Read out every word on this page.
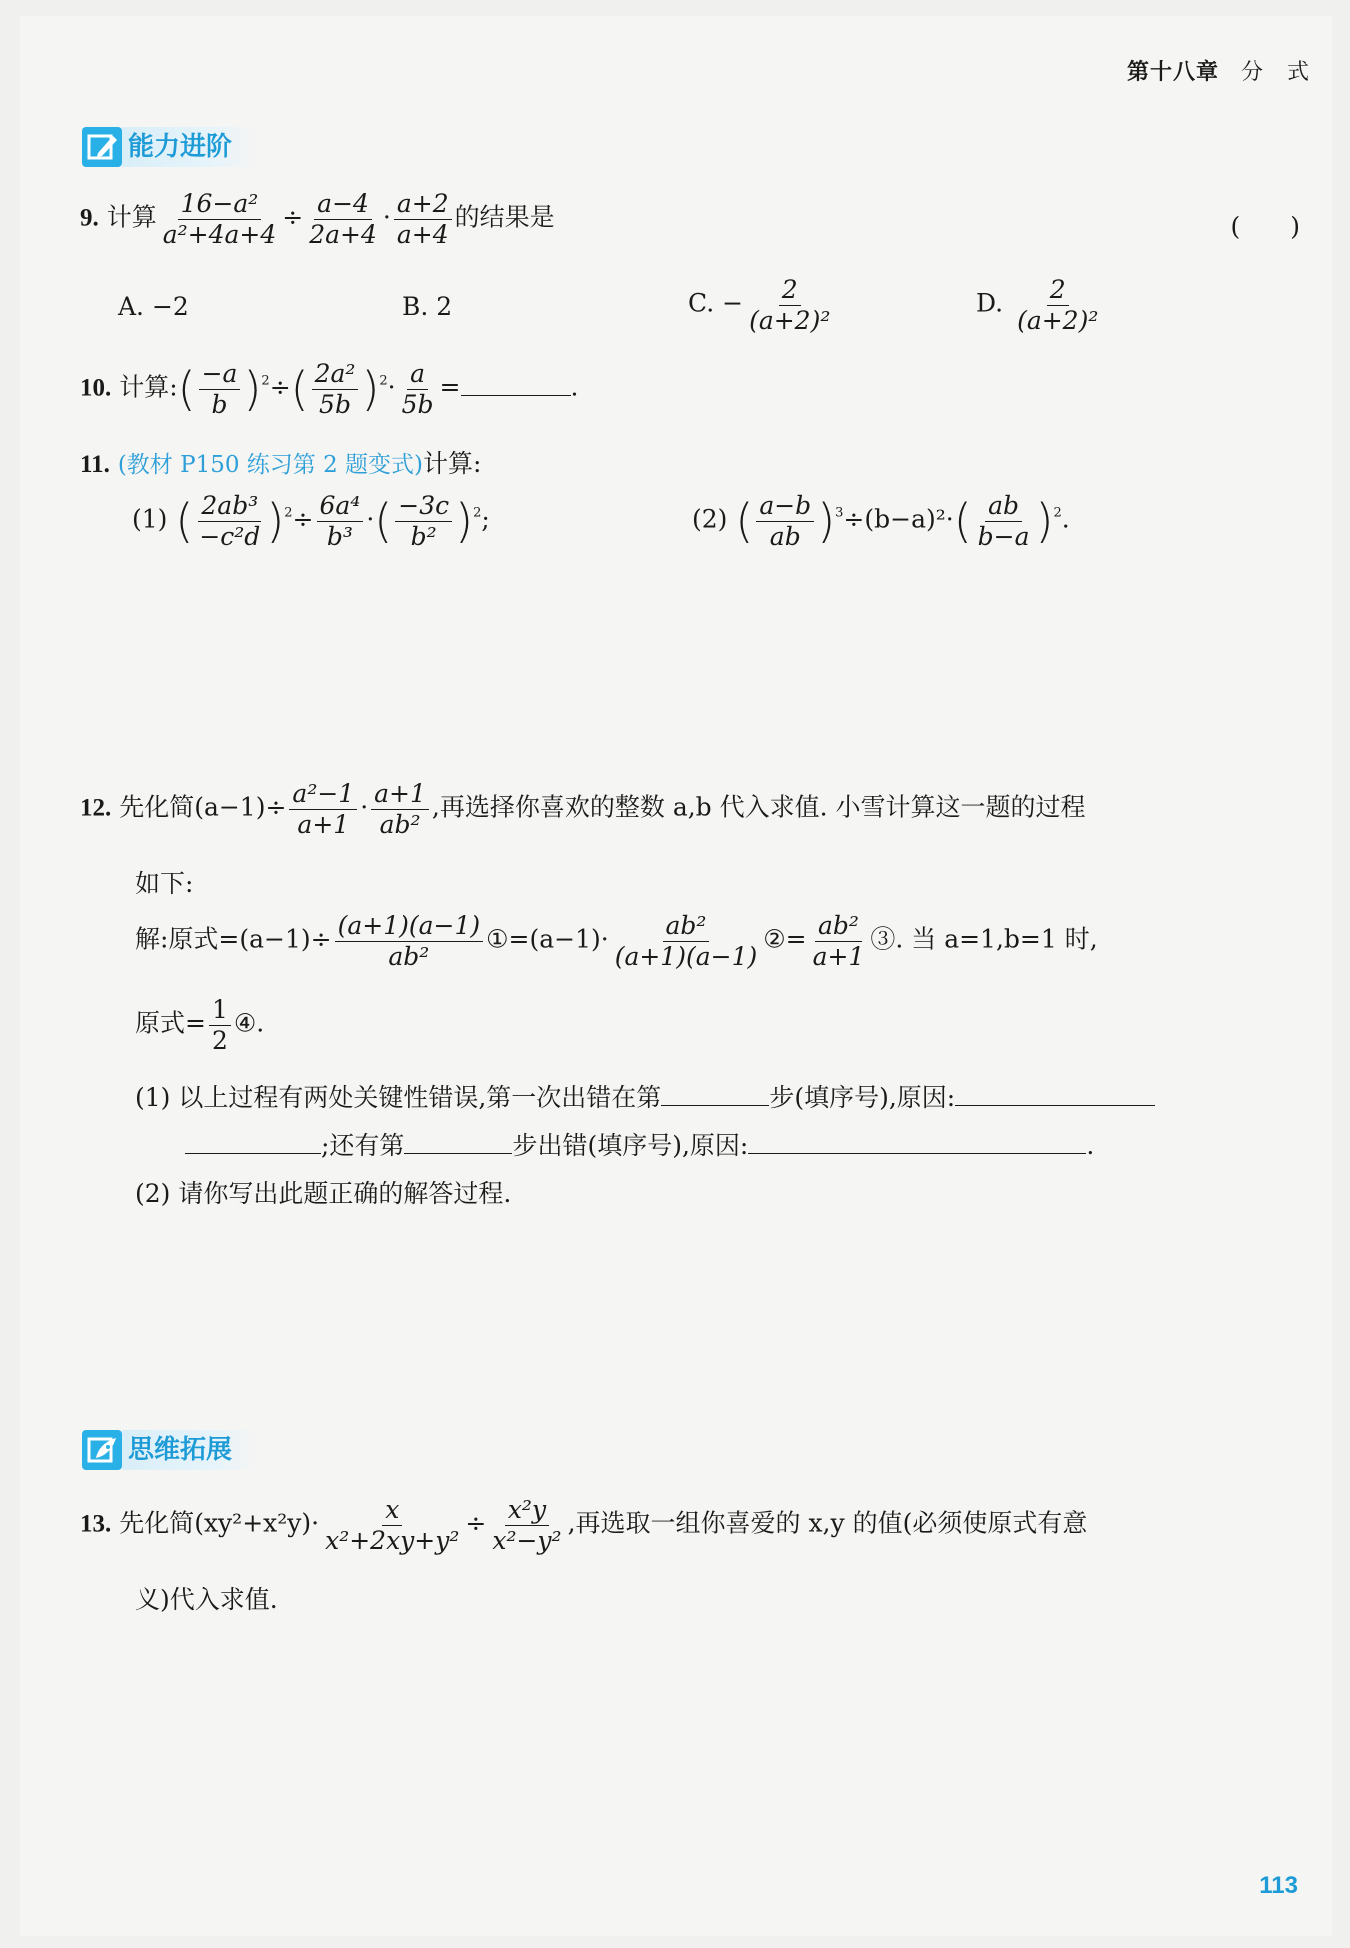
第十八章 分　式
能力进阶
9. 计算 $\frac{\text{16−a²}}{\text{a²+4a+4}} \div \frac{a-4}{2a+4} \cdot \frac{a+2}{a+4}$ 的结果是	(　　)
A. −2	B. 2	C. − $\frac{2}{\text{(a+2)²}}$	D. $\frac{2}{\text{(a+2)²}}$
10. 计算:( $\frac{-a}{b} )^2\div( \frac{\text{2a²}}{5b} )^2\cdot \frac{a}{5b}$ =	.
11. (教材 P150 练习第 2 题变式)计算:
(1) ( $\frac{\text{2ab³}}{\text{−c²d}} )^2\div \frac{\text{6a⁴}}{\text{b³}}$ ·( $\frac{-3c}{\text{b²}} )^2$;	(2) ( $\frac{a-b}{ab} )^3\div(b-a)^2\cdot( \frac{ab}{b-a} )^2$.
12. 先化简$(a-1)\div \frac{\text{a²−1}}{a+1} \cdot \frac{a+1}{\text{ab²}}$ ,再选择你喜欢的整数 a,b 代入求值. 小雪计算这一题的过程
如下:
解:原式$=(a-1)\div \frac{(a+1)(a-1)}{\text{ab²}}$ ①=(a−1)· $\frac{\text{ab²}}{(a+1)(a-1)}$ ②= $\frac{\text{ab²}}{a+1}$ ③. 当 a=1,b=1 时,
原式= $\frac{1}{2}$ ④.
(1) 以上过程有两处关键性错误,第一次出错在第	步(填序号),原因:
;还有第	步出错(填序号),原因:	.
(2) 请你写出此题正确的解答过程.
思维拓展
13. 先化简$(xy^2+x^2y)\cdot \frac{x}{\text{x²+2xy+y²}} \div \frac{\text{x²y}}{\text{x²−y²}}$ ,再选取一组你喜爱的 x,y 的值(必须使原式有意
义)代入求值.
113
